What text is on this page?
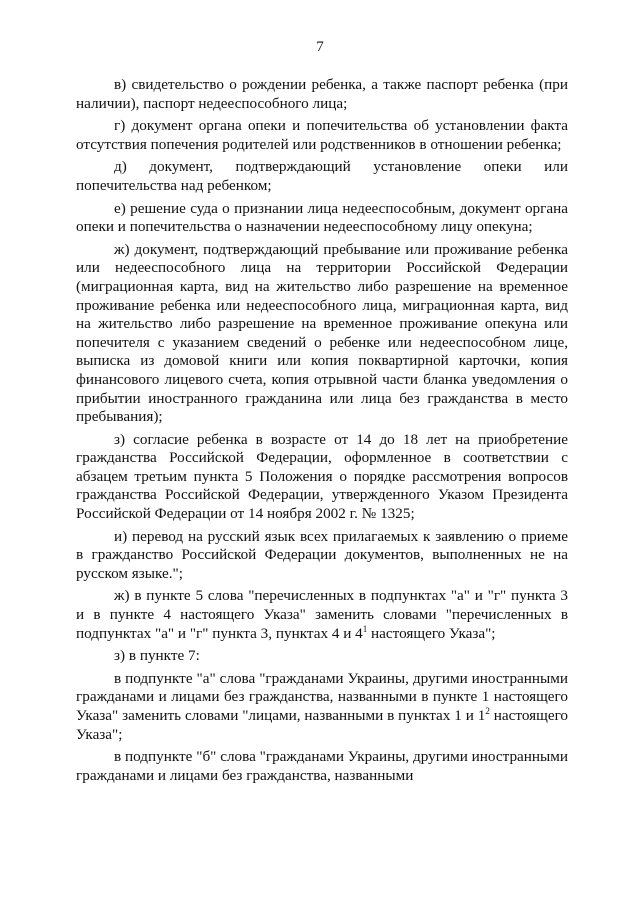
7

в) свидетельство о рождении ребенка, а также паспорт ребенка (при наличии), паспорт недееспособного лица;

г) документ органа опеки и попечительства об установлении факта отсутствия попечения родителей или родственников в отношении ребенка;

д) документ, подтверждающий установление опеки или попечительства над ребенком;

е) решение суда о признании лица недееспособным, документ органа опеки и попечительства о назначении недееспособному лицу опекуна;

ж) документ, подтверждающий пребывание или проживание ребенка или недееспособного лица на территории Российской Федерации (миграционная карта, вид на жительство либо разрешение на временное проживание ребенка или недееспособного лица, миграционная карта, вид на жительство либо разрешение на временное проживание опекуна или попечителя с указанием сведений о ребенке или недееспособном лице, выписка из домовой книги или копия поквартирной карточки, копия финансового лицевого счета, копия отрывной части бланка уведомления о прибытии иностранного гражданина или лица без гражданства в место пребывания);

з) согласие ребенка в возрасте от 14 до 18 лет на приобретение гражданства Российской Федерации, оформленное в соответствии с абзацем третьим пункта 5 Положения о порядке рассмотрения вопросов гражданства Российской Федерации, утвержденного Указом Президента Российской Федерации от 14 ноября 2002 г. № 1325;

и) перевод на русский язык всех прилагаемых к заявлению о приеме в гражданство Российской Федерации документов, выполненных не на русском языке.";

ж) в пункте 5 слова "перечисленных в подпунктах "а" и "г" пункта 3 и в пункте 4 настоящего Указа" заменить словами "перечисленных в подпунктах "а" и "г" пункта 3, пунктах 4 и $4^1$ настоящего Указа";

з) в пункте 7:

в подпункте "а" слова "гражданами Украины, другими иностранными гражданами и лицами без гражданства, названными в пункте 1 настоящего Указа" заменить словами "лицами, названными в пунктах 1 и $1^2$ настоящего Указа";

в подпункте "б" слова "гражданами Украины, другими иностранными гражданами и лицами без гражданства, названными
